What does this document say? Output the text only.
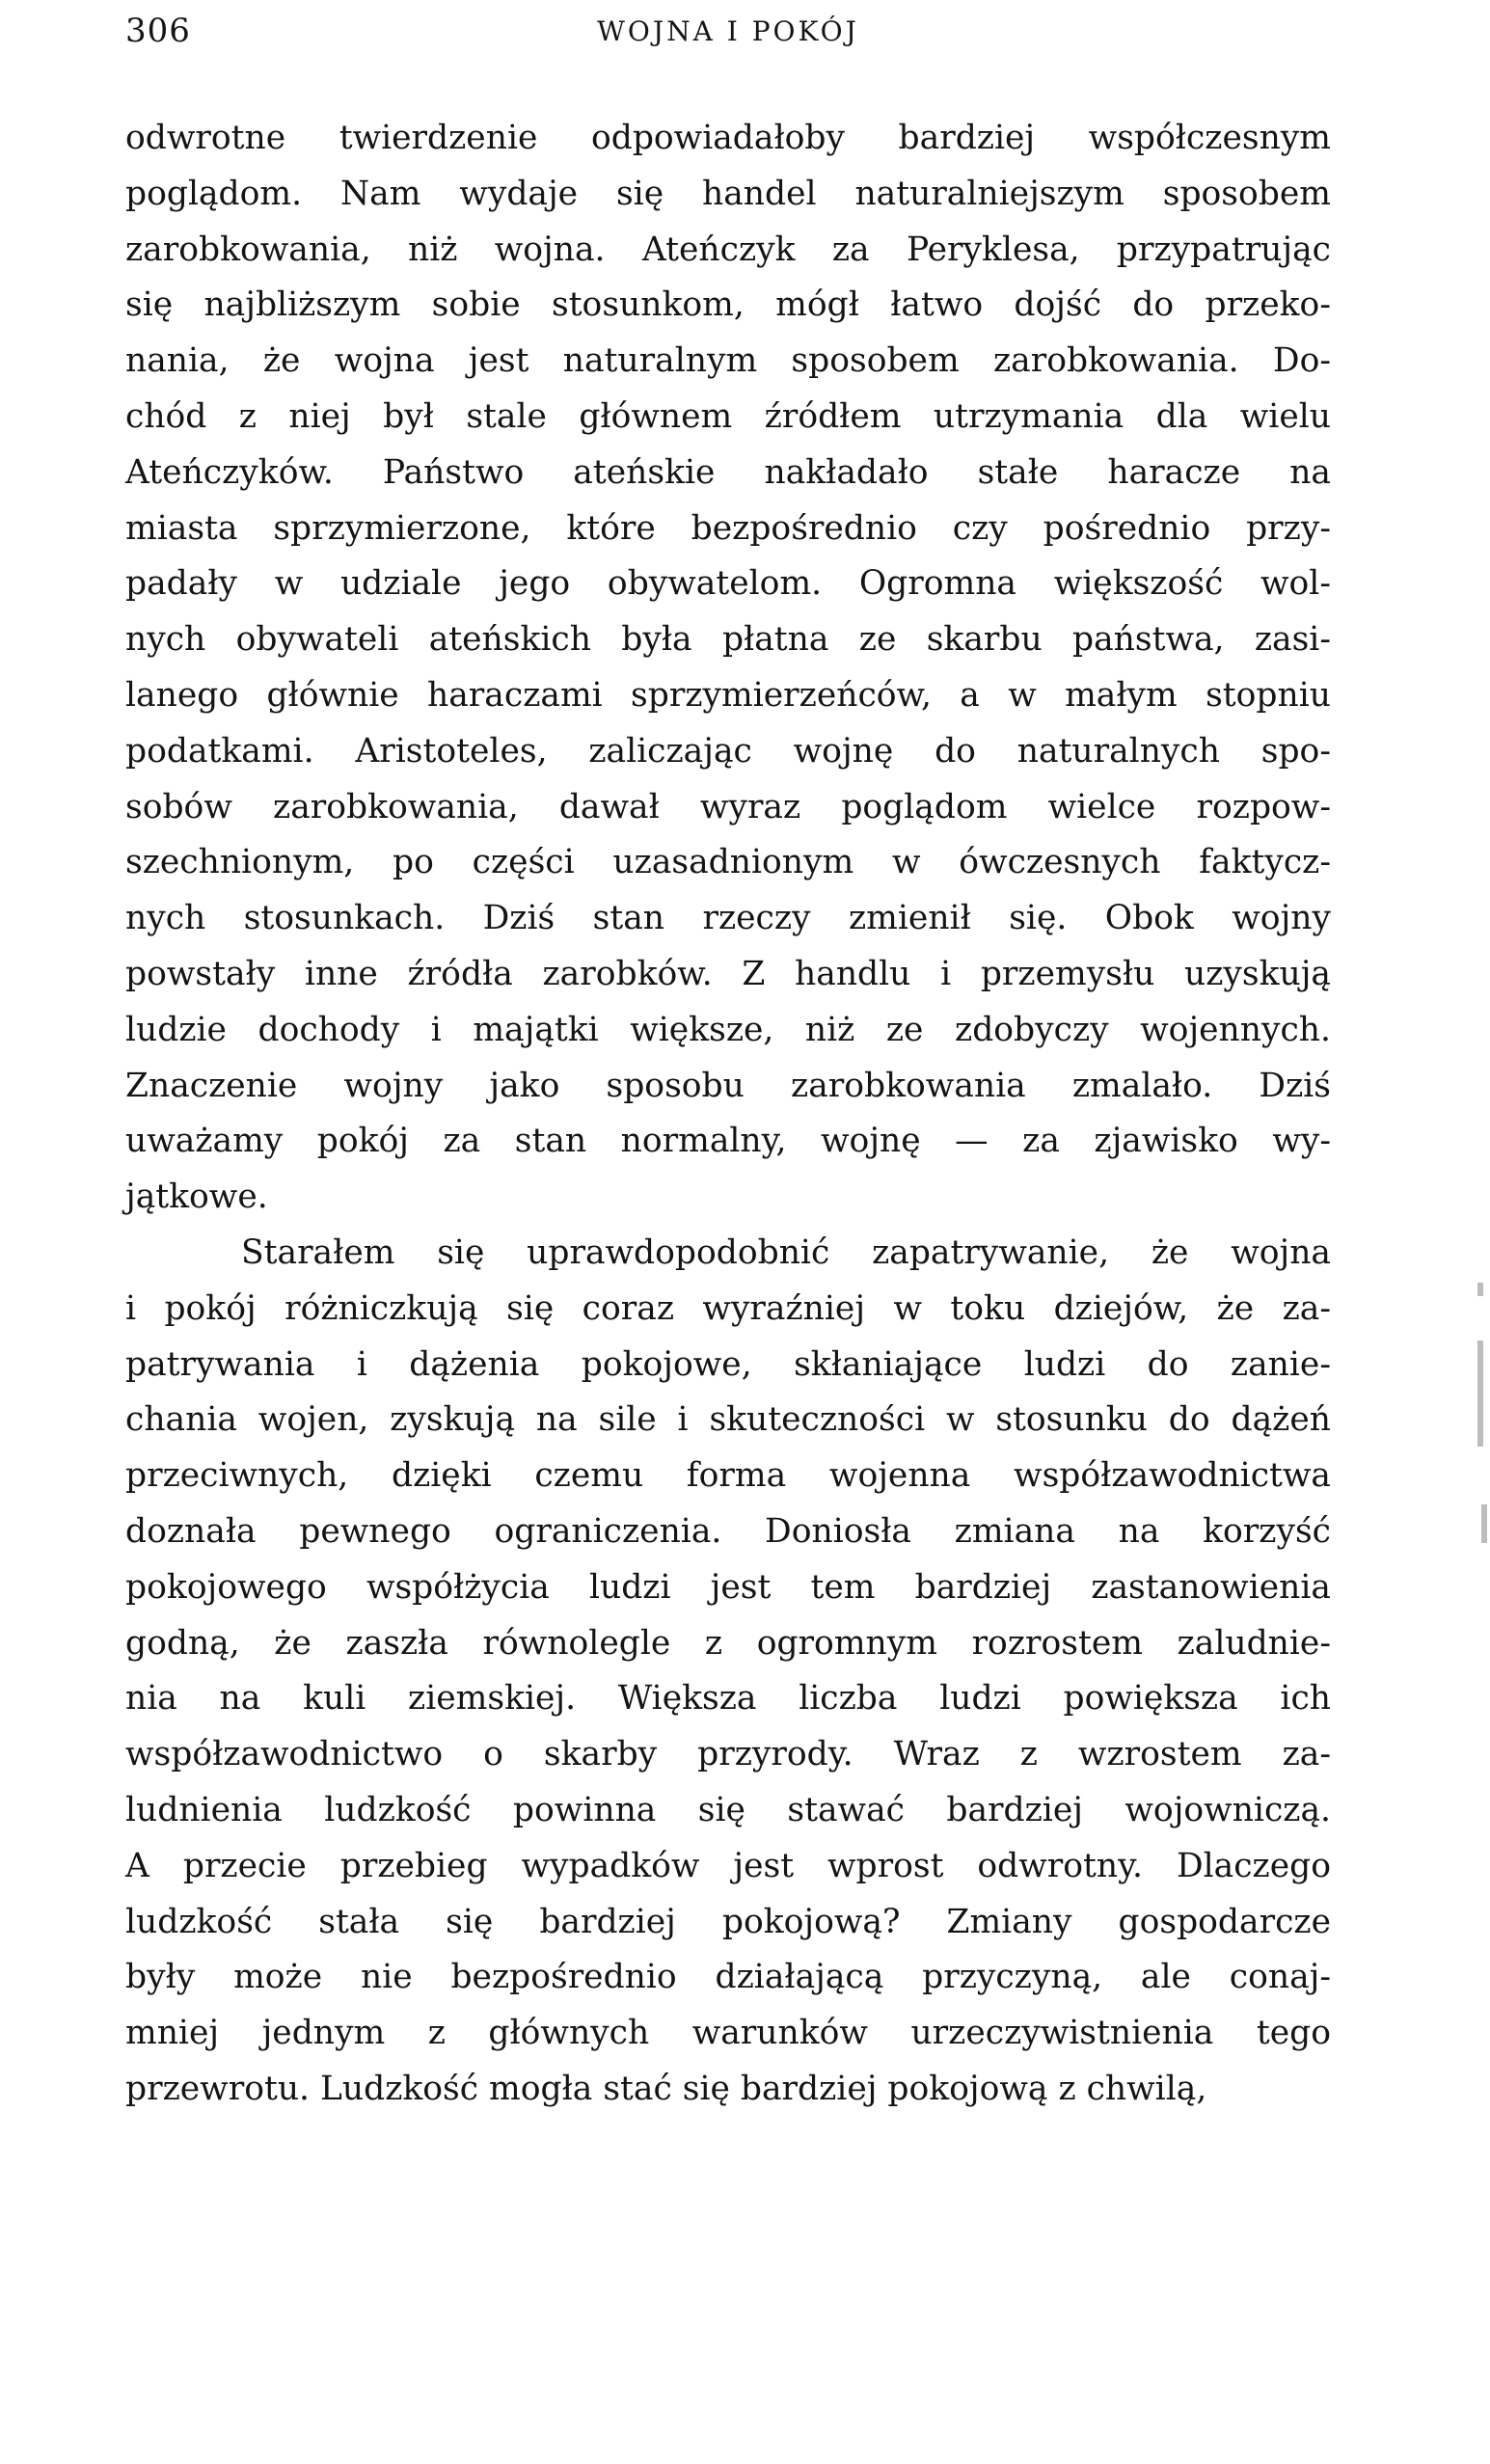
306	WOJNA I POKÓJ
odwrotne twierdzenie odpowiadałoby bardziej współczesnym
poglądom. Nam wydaje się handel naturalniejszym sposobem
zarobkowania, niż wojna. Ateńczyk za Peryklesa, przypatrując
się najbliższym sobie stosunkom, mógł łatwo dojść do przeko-
nania, że wojna jest naturalnym sposobem zarobkowania. Do-
chód z niej był stale głównem źródłem utrzymania dla wielu
Ateńczyków. Państwo ateńskie nakładało stałe haracze na
miasta sprzymierzone, które bezpośrednio czy pośrednio przy-
padały w udziale jego obywatelom. Ogromna większość wol-
nych obywateli ateńskich była płatna ze skarbu państwa, zasi-
lanego głównie haraczami sprzymierzeńców, a w małym stopniu
podatkami. Aristoteles, zaliczając wojnę do naturalnych spo-
sobów zarobkowania, dawał wyraz poglądom wielce rozpow-
szechnionym, po części uzasadnionym w ówczesnych faktycz-
nych stosunkach. Dziś stan rzeczy zmienił się. Obok wojny
powstały inne źródła zarobków. Z handlu i przemysłu uzyskują
ludzie dochody i majątki większe, niż ze zdobyczy wojennych.
Znaczenie wojny jako sposobu zarobkowania zmalało. Dziś
uważamy pokój za stan normalny, wojnę — za zjawisko wy-
jątkowe.
Starałem się uprawdopodobnić zapatrywanie, że wojna
i pokój różniczkują się coraz wyraźniej w toku dziejów, że za-
patrywania i dążenia pokojowe, skłaniające ludzi do zanie-
chania wojen, zyskują na sile i skuteczności w stosunku do dążeń
przeciwnych, dzięki czemu forma wojenna współzawodnictwa
doznała pewnego ograniczenia. Doniosła zmiana na korzyść
pokojowego współżycia ludzi jest tem bardziej zastanowienia
godną, że zaszła równolegle z ogromnym rozrostem zaludnie-
nia na kuli ziemskiej. Większa liczba ludzi powiększa ich
współzawodnictwo o skarby przyrody. Wraz z wzrostem za-
ludnienia ludzkość powinna się stawać bardziej wojowniczą.
A przecie przebieg wypadków jest wprost odwrotny. Dlaczego
ludzkość stała się bardziej pokojową? Zmiany gospodarcze
były może nie bezpośrednio działającą przyczyną, ale conaj-
mniej jednym z głównych warunków urzeczywistnienia tego
przewrotu. Ludzkość mogła stać się bardziej pokojową z chwilą,
